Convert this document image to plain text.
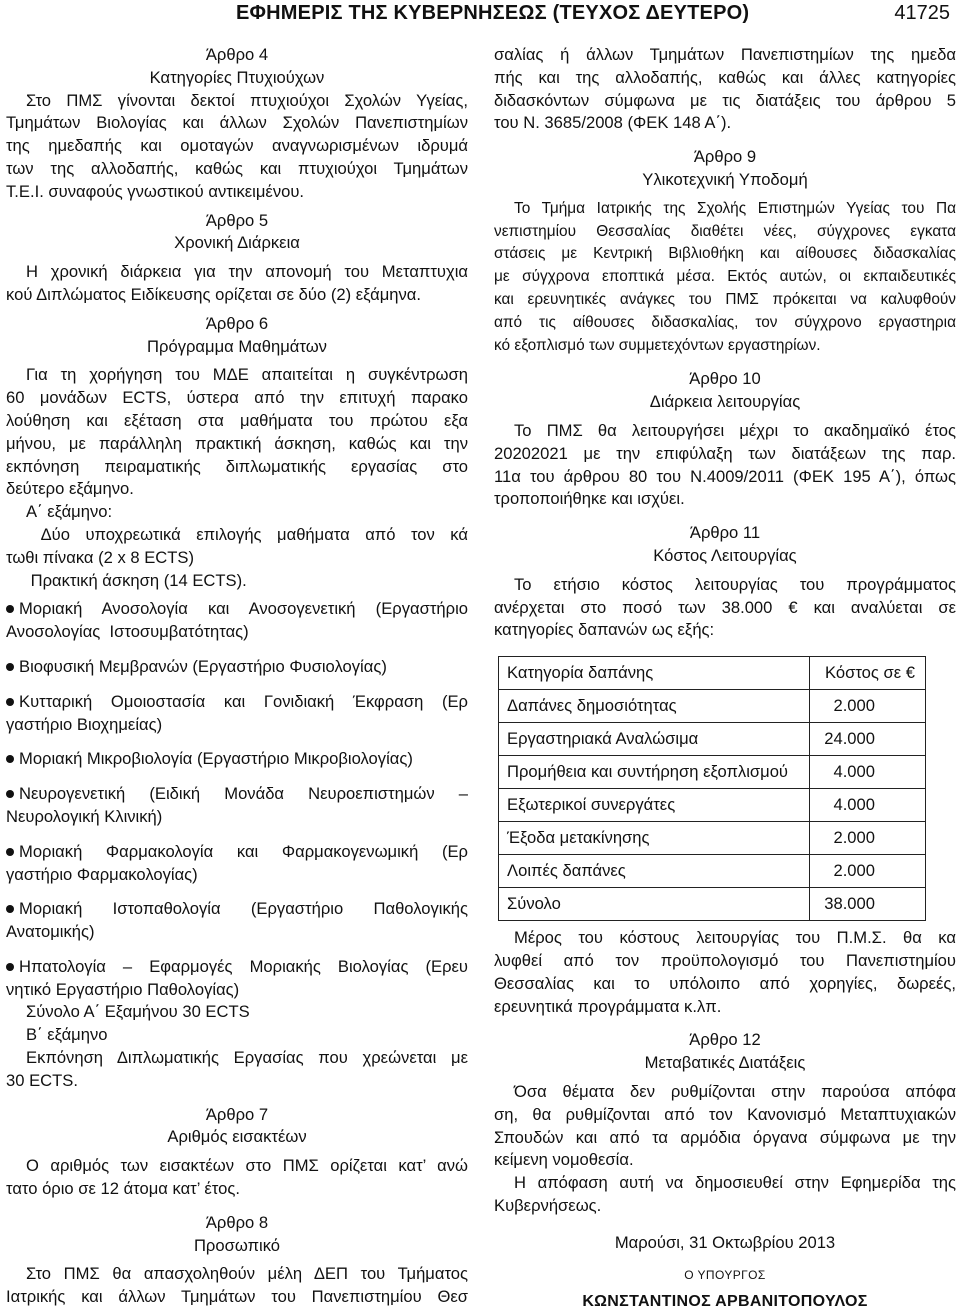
ΕΦΗΜΕΡΙΣ ΤΗΣ ΚΥΒΕΡΝΗΣΕΩΣ (ΤΕΥΧΟΣ ΔΕΥΤΕΡΟ)	41725
Άρθρο 4
Κατηγορίες Πτυχιούχων
Στο ΠΜΣ γίνονται δεκτοί πτυχιούχοι Σχολών Υγείας,
Τμημάτων Βιολογίας και άλλων Σχολών Πανεπιστημίων
της ημεδαπής και ομοταγών αναγνωρισμένων ιδρυμά
των της αλλοδαπής, καθώς και πτυχιούχοι Τμημάτων
Τ.Ε.Ι. συναφούς γνωστικού αντικειμένου.
Άρθρο 5
Χρονική Διάρκεια
Η χρονική διάρκεια για την απονομή του Μεταπτυχια
κού Διπλώματος Ειδίκευσης ορίζεται σε δύο (2) εξάμηνα.
Άρθρο 6
Πρόγραμμα Μαθημάτων
Για τη χορήγηση του ΜΔΕ απαιτείται η συγκέντρωση
60 μονάδων ECTS, ύστερα από την επιτυχή παρακο
λούθηση και εξέταση στα μαθήματα του πρώτου εξα
μήνου, με παράλληλη πρακτική άσκηση, καθώς και την
εκπόνηση πειραματικής διπλωματικής εργασίας στο
δεύτερο εξάμηνο.
Α΄ εξάμηνο:
Δύο υποχρεωτικά επιλογής μαθήματα από τον κά
τωθι πίνακα (2 x 8 ECTS)
Πρακτική άσκηση (14 ECTS).
Μοριακή Ανοσολογία και Ανοσογενετική (Εργαστήριο
Ανοσολογίας Ιστοσυμβατότητας)
Βιοφυσική Μεμβρανών (Εργαστήριο Φυσιολογίας)
Κυτταρική Ομοιοστασία και Γονιδιακή Έκφραση (Ερ
γαστήριο Βιοχημείας)
Μοριακή Μικροβιολογία (Εργαστήριο Μικροβιολογίας)
Νευρογενετική (Ειδική Μονάδα Νευροεπιστημών –
Νευρολογική Κλινική)
Μοριακή Φαρμακολογία και Φαρμακογενωμική (Ερ
γαστήριο Φαρμακολογίας)
Μοριακή Ιστοπαθολογία (Εργαστήριο Παθολογικής
Ανατομικής)
Ηπατολογία – Εφαρμογές Μοριακής Βιολογίας (Ερευ
νητικό Εργαστήριο Παθολογίας)
Σύνολο Α΄ Εξαμήνου 30 ECTS
Β΄ εξάμηνο
Εκπόνηση Διπλωματικής Εργασίας που χρεώνεται με
30 ECTS.
Άρθρο 7
Αριθμός εισακτέων
Ο αριθμός των εισακτέων στο ΠΜΣ ορίζεται κατ’ ανώ
τατο όριο σε 12 άτομα κατ’ έτος.
Άρθρο 8
Προσωπικό
Στο ΠΜΣ θα απασχοληθούν μέλη ΔΕΠ του Τμήματος
Ιατρικής και άλλων Τμημάτων του Πανεπιστημίου Θεσ
σαλίας ή άλλων Τμημάτων Πανεπιστημίων της ημεδα
πής και της αλλοδαπής, καθώς και άλλες κατηγορίες
διδασκόντων σύμφωνα με τις διατάξεις του άρθρου 5
του Ν. 3685/2008 (ΦΕΚ 148 Α΄).
Άρθρο 9
Υλικοτεχνική Υποδομή
Το Τμήμα Ιατρικής της Σχολής Επιστημών Υγείας του Πα
νεπιστημίου Θεσσαλίας διαθέτει νέες, σύγχρονες εγκατα
στάσεις με Κεντρική Βιβλιοθήκη και αίθουσες διδασκαλίας
με σύγχρονα εποπτικά μέσα. Εκτός αυτών, οι εκπαιδευτικές
και ερευνητικές ανάγκες του ΠΜΣ πρόκειται να καλυφθούν
από τις αίθουσες διδασκαλίας, τον σύγχρονο εργαστηρια
κό εξοπλισμό των συμμετεχόντων εργαστηρίων.
Άρθρο 10
Διάρκεια λειτουργίας
Το ΠΜΣ θα λειτουργήσει μέχρι το ακαδημαϊκό έτος
20202021 με την επιφύλαξη των διατάξεων της παρ.
11α του άρθρου 80 του Ν.4009/2011 (ΦΕΚ 195 Α΄), όπως
τροποποιήθηκε και ισχύει.
Άρθρο 11
Κόστος Λειτουργίας
Το ετήσιο κόστος λειτουργίας του προγράμματος
ανέρχεται στο ποσό των 38.000 € και αναλύεται σε
κατηγορίες δαπανών ως εξής:
Κατηγορία δαπάνης	Κόστος σε €
Δαπάνες δημοσιότητας	2.000
Εργαστηριακά Αναλώσιμα	24.000
Προμήθεια και συντήρηση εξοπλισμού	4.000
Εξωτερικοί συνεργάτες	4.000
Έξοδα μετακίνησης	2.000
Λοιπές δαπάνες	2.000
Σύνολο	38.000
Μέρος του κόστους λειτουργίας του Π.Μ.Σ. θα κα
λυφθεί από τον προϋπολογισμό του Πανεπιστημίου
Θεσσαλίας και το υπόλοιπο από χορηγίες, δωρεές,
ερευνητικά προγράμματα κ.λπ.
Άρθρο 12
Μεταβατικές Διατάξεις
Όσα θέματα δεν ρυθμίζονται στην παρούσα απόφα
ση, θα ρυθμίζονται από τον Κανονισμό Μεταπτυχιακών
Σπουδών και από τα αρμόδια όργανα σύμφωνα με την
κείμενη νομοθεσία.
Η απόφαση αυτή να δημοσιευθεί στην Εφημερίδα της
Κυβερνήσεως.
Μαρούσι, 31 Οκτωβρίου 2013
Ο ΥΠΟΥΡΓΟΣ
ΚΩΝΣΤΑΝΤΙΝΟΣ ΑΡΒΑΝΙΤΟΠΟΥΛΟΣ
